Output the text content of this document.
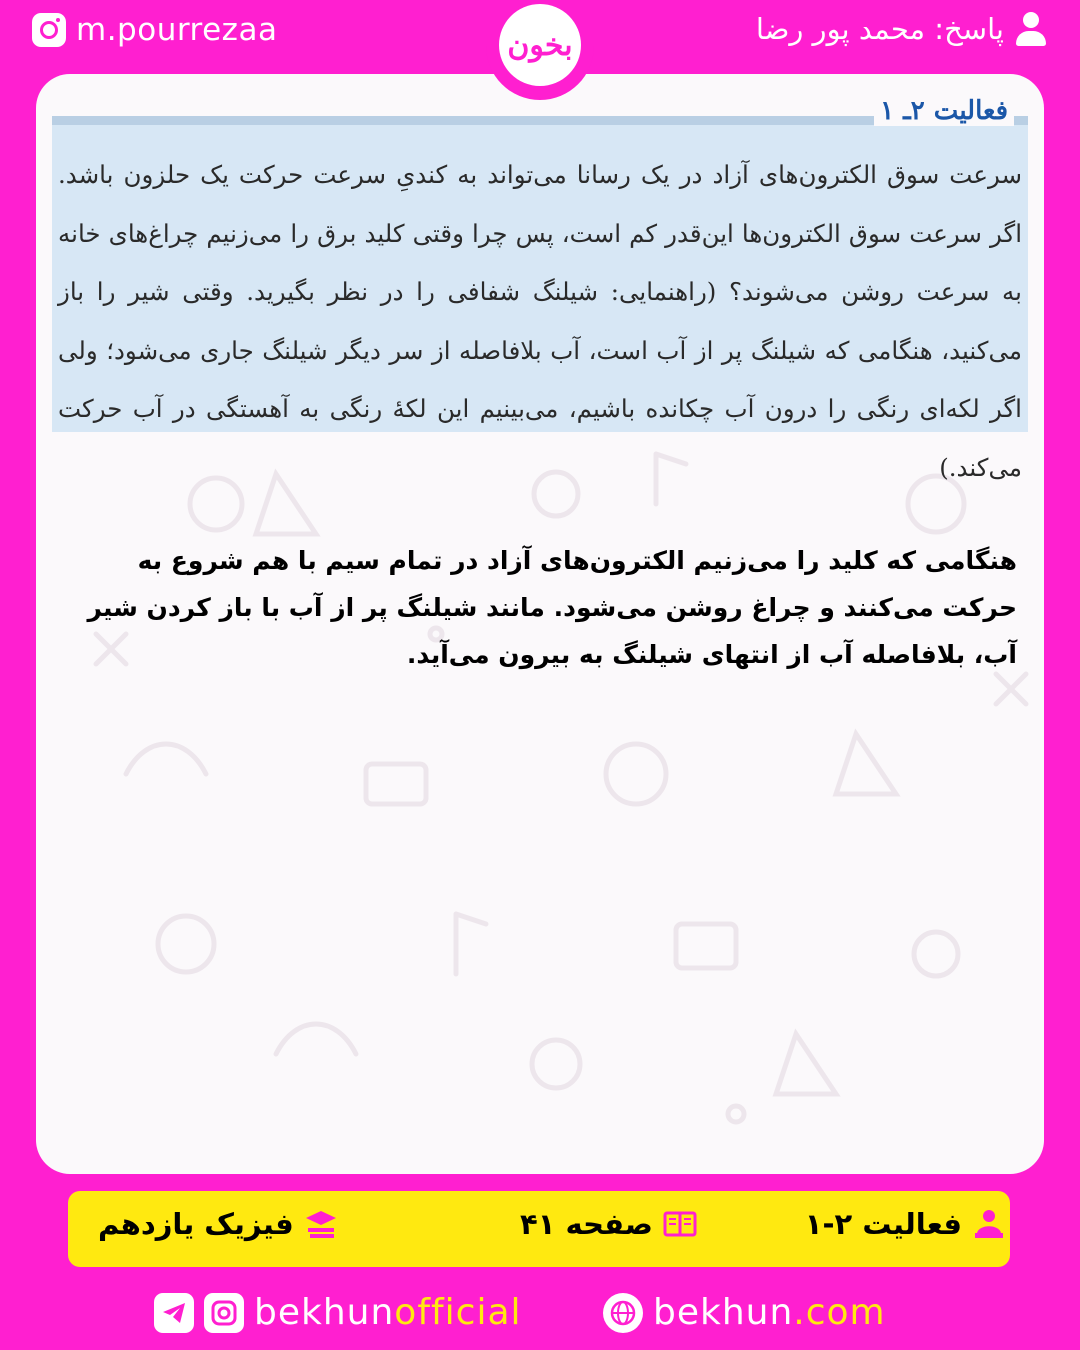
m.pourrezaa	پاسخ: محمد پور رضا
بخون
فعالیت ۲ـ ۱
سرعت سوق الکترون‌های آزاد در یک رسانا می‌تواند به کندیِ سرعت حرکت یک حلزون باشد. اگر سرعت سوق الکترون‌ها این‌قدر کم است، پس چرا وقتی کلید برق را می‌زنیم چراغ‌های خانه به سرعت روشن می‌شوند؟ (راهنمایی: شیلنگ شفافی را در نظر بگیرید. وقتی شیر را باز می‌کنید، هنگامی که شیلنگ پر از آب است، آب بلافاصله از سر دیگر شیلنگ جاری می‌شود؛ ولی اگر لکه‌ای رنگی را درون آب چکانده باشیم، می‌بینیم این لکهٔ رنگی به آهستگی در آب حرکت می‌کند.)
هنگامی که کلید را می‌زنیم الکترون‌های آزاد در تمام سیم با هم شروع به حرکت می‌کنند و چراغ روشن می‌شود. مانند شیلنگ پر از آب با باز کردن شیر آب، بلافاصله آب از انتهای شیلنگ به بیرون می‌آید.
فعالیت ۲-۱
صفحه ۴۱
فیزیک یازدهم
bekhun official	bekhun .com
